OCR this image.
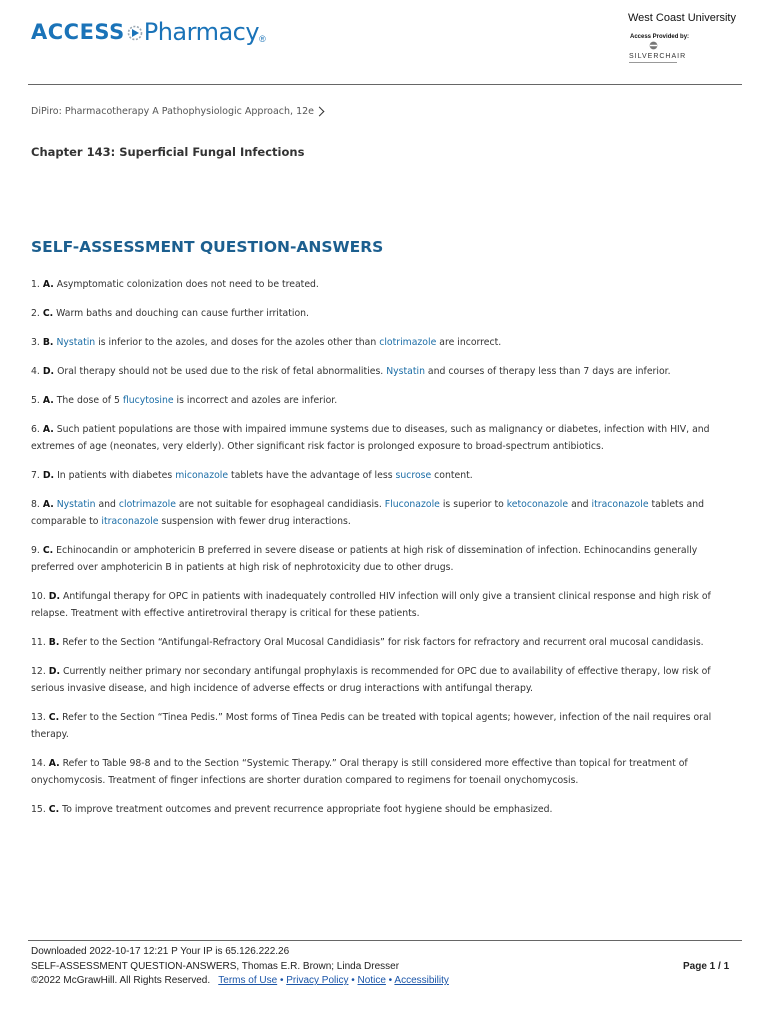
ACCESS Pharmacy ®
West Coast University
Access Provided by:
SILVERCHAIR
DiPiro: Pharmacotherapy A Pathophysiologic Approach, 12e
Chapter 143: Superficial Fungal Infections
SELF-ASSESSMENT QUESTION-ANSWERS
1. A. Asymptomatic colonization does not need to be treated.
2. C. Warm baths and douching can cause further irritation.
3. B. Nystatin is inferior to the azoles, and doses for the azoles other than clotrimazole are incorrect.
4. D. Oral therapy should not be used due to the risk of fetal abnormalities. Nystatin and courses of therapy less than 7 days are inferior.
5. A. The dose of 5 flucytosine is incorrect and azoles are inferior.
6. A. Such patient populations are those with impaired immune systems due to diseases, such as malignancy or diabetes, infection with HIV, and extremes of age (neonates, very elderly). Other significant risk factor is prolonged exposure to broad-spectrum antibiotics.
7. D. In patients with diabetes miconazole tablets have the advantage of less sucrose content.
8. A. Nystatin and clotrimazole are not suitable for esophageal candidiasis. Fluconazole is superior to ketoconazole and itraconazole tablets and comparable to itraconazole suspension with fewer drug interactions.
9. C. Echinocandin or amphotericin B preferred in severe disease or patients at high risk of dissemination of infection. Echinocandins generally preferred over amphotericin B in patients at high risk of nephrotoxicity due to other drugs.
10. D. Antifungal therapy for OPC in patients with inadequately controlled HIV infection will only give a transient clinical response and high risk of relapse. Treatment with effective antiretroviral therapy is critical for these patients.
11. B. Refer to the Section “Antifungal-Refractory Oral Mucosal Candidiasis” for risk factors for refractory and recurrent oral mucosal candidasis.
12. D. Currently neither primary nor secondary antifungal prophylaxis is recommended for OPC due to availability of effective therapy, low risk of serious invasive disease, and high incidence of adverse effects or drug interactions with antifungal therapy.
13. C. Refer to the Section “Tinea Pedis.” Most forms of Tinea Pedis can be treated with topical agents; however, infection of the nail requires oral therapy.
14. A. Refer to Table 98-8 and to the Section “Systemic Therapy.” Oral therapy is still considered more effective than topical for treatment of onychomycosis. Treatment of finger infections are shorter duration compared to regimens for toenail onychomycosis.
15. C. To improve treatment outcomes and prevent recurrence appropriate foot hygiene should be emphasized.
Downloaded 2022-10-17 12:21 P Your IP is 65.126.222.26
SELF-ASSESSMENT QUESTION-ANSWERS, Thomas E.R. Brown; Linda Dresser
©2022 McGrawHill. All Rights Reserved. Terms of Use • Privacy Policy • Notice • Accessibility
Page 1 / 1
